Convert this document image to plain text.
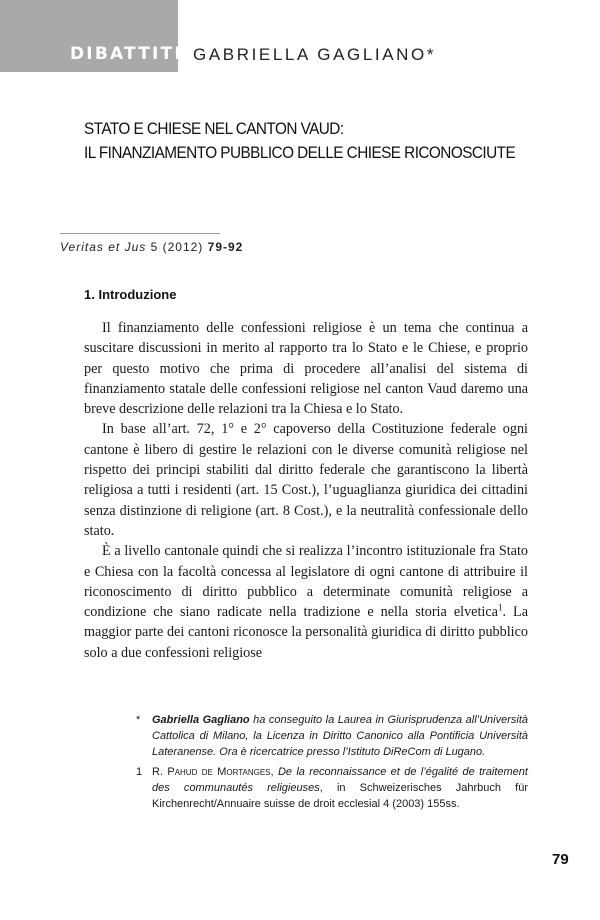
DIBATTITI GABRIELLA GAGLIANO*
STATO E CHIESE NEL CANTON VAUD:
IL FINANZIAMENTO PUBBLICO DELLE CHIESE RICONOSCIUTE
Veritas et Jus 5 (2012) 79-92
1. Introduzione

Il finanziamento delle confessioni religiose è un tema che continua a suscitare discussioni in merito al rapporto tra lo Stato e le Chiese, e proprio per questo motivo che prima di procedere all’analisi del sistema di finanziamento statale delle confessioni religiose nel canton Vaud daremo una breve descrizione delle relazioni tra la Chiesa e lo Stato.

In base all’art. 72, 1° e 2° capoverso della Costituzione federale ogni cantone è libero di gestire le relazioni con le diverse comunità religiose nel rispetto dei principi stabiliti dal diritto federale che garantiscono la libertà religiosa a tutti i residenti (art. 15 Cost.), l’uguaglianza giuridica dei cittadini senza distinzione di religione (art. 8 Cost.), e la neutralità confessionale dello stato.

È a livello cantonale quindi che si realizza l’incontro istituzionale fra Stato e Chiesa con la facoltà concessa al legislatore di ogni cantone di attribuire il riconoscimento di diritto pubblico a determinate comunità religiose a condizione che siano radicate nella tradizione e nella storia elvetica$^1$. La maggior parte dei cantoni riconosce la personalità giuridica di diritto pubblico solo a due confessioni religiose

* Gabriella Gagliano ha conseguito la Laurea in Giurisprudenza all’Università Cattolica di Milano, la Licenza in Diritto Canonico alla Pontificia Università Lateranense. Ora è ricercatrice presso l’Istituto DiReCom di Lugano.
1 R. Pahud de Mortanges, De la reconnaissance et de l’égalité de traitement des communautés religieuses, in Schweizerisches Jahrbuch für Kirchenrecht/Annuaire suisse de droit ecclesial 4 (2003) 155ss.
79
